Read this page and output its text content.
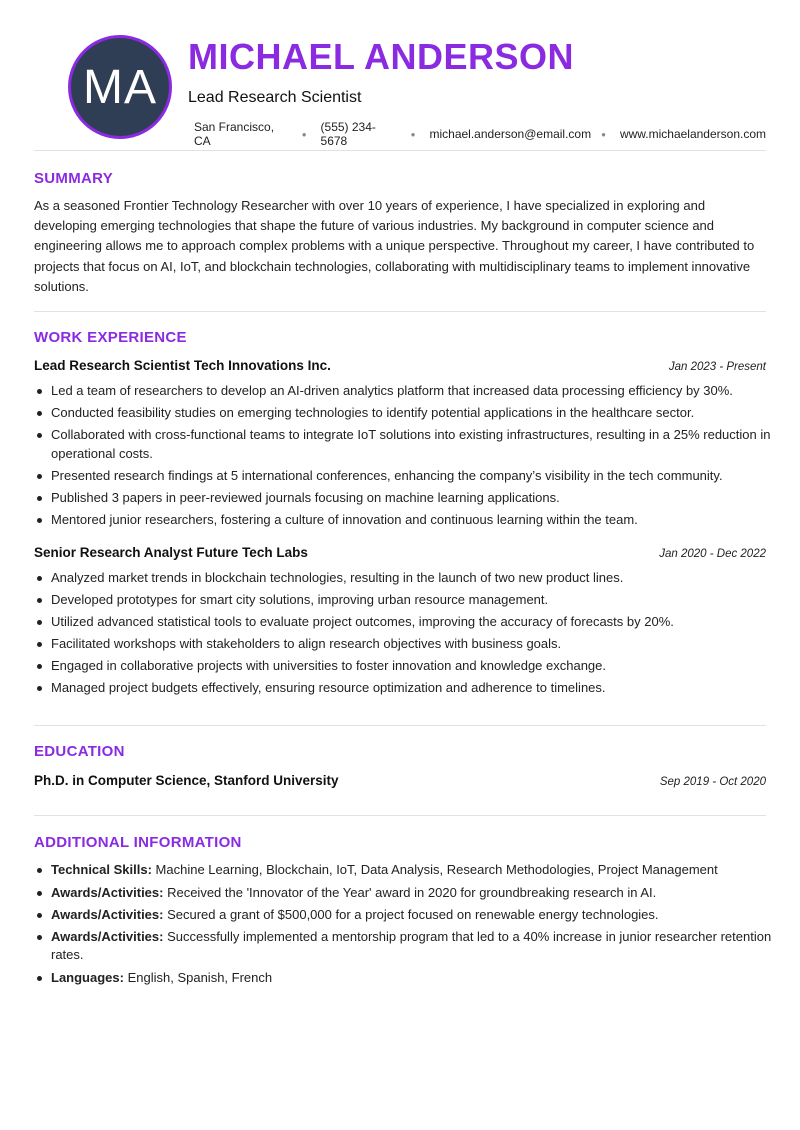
MA
MICHAEL ANDERSON
Lead Research Scientist
San Francisco, CA	● (555) 234-5678	● michael.anderson@email.com ● www.michaelanderson.com
SUMMARY
As a seasoned Frontier Technology Researcher with over 10 years of experience, I have specialized in exploring and developing emerging technologies that shape the future of various industries. My background in computer science and engineering allows me to approach complex problems with a unique perspective. Throughout my career, I have contributed to projects that focus on AI, IoT, and blockchain technologies, collaborating with multidisciplinary teams to implement innovative solutions.
WORK EXPERIENCE
Lead Research Scientist Tech Innovations Inc.	Jan 2023 - Present
Led a team of researchers to develop an AI-driven analytics platform that increased data processing efficiency by 30%.
Conducted feasibility studies on emerging technologies to identify potential applications in the healthcare sector.
Collaborated with cross-functional teams to integrate IoT solutions into existing infrastructures, resulting in a 25% reduction in operational costs.
Presented research findings at 5 international conferences, enhancing the company’s visibility in the tech community.
Published 3 papers in peer-reviewed journals focusing on machine learning applications.
Mentored junior researchers, fostering a culture of innovation and continuous learning within the team.
Senior Research Analyst Future Tech Labs	Jan 2020 - Dec 2022
Analyzed market trends in blockchain technologies, resulting in the launch of two new product lines.
Developed prototypes for smart city solutions, improving urban resource management.
Utilized advanced statistical tools to evaluate project outcomes, improving the accuracy of forecasts by 20%.
Facilitated workshops with stakeholders to align research objectives with business goals.
Engaged in collaborative projects with universities to foster innovation and knowledge exchange.
Managed project budgets effectively, ensuring resource optimization and adherence to timelines.
EDUCATION
Ph.D. in Computer Science, Stanford University	Sep 2019 - Oct 2020
ADDITIONAL INFORMATION
Technical Skills: Machine Learning, Blockchain, IoT, Data Analysis, Research Methodologies, Project Management
Awards/Activities: Received the 'Innovator of the Year' award in 2020 for groundbreaking research in AI.
Awards/Activities: Secured a grant of $500,000 for a project focused on renewable energy technologies.
Awards/Activities: Successfully implemented a mentorship program that led to a 40% increase in junior researcher retention rates.
Languages: English, Spanish, French
